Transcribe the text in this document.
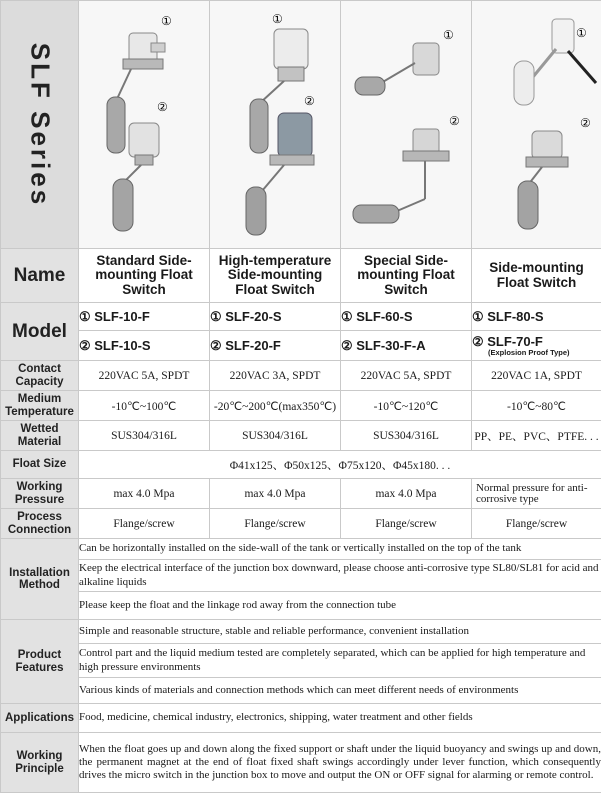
SLF Series	①
②	①
②	①
②	①
②

Name	Standard Side-mounting Float Switch	High-temperature Side-mounting Float Switch	Special Side-mounting Float Switch	Side-mounting Float Switch
Model	① SLF-10-F	① SLF-20-S	① SLF-60-S	① SLF-80-S
	② SLF-10-S	② SLF-20-F	② SLF-30-F-A	② SLF-70-F
(Explosion Proof Type)

Contact Capacity	220VAC 5A, SPDT	220VAC 3A, SPDT	220VAC 5A, SPDT	220VAC 1A, SPDT
Medium Temperature	-10℃~100℃	-20℃~200℃(max350℃)	-10℃~120℃	-10℃~80℃
Wetted Material	SUS304/316L	SUS304/316L	SUS304/316L	PP、PE、PVC、PTFE. . .
Float Size	Φ41x125、Φ50x125、Φ75x120、Φ45x180. . .			
Working Pressure	max 4.0 Mpa	max 4.0 Mpa	max 4.0 Mpa	Normal pressure for anti-corrosive type
Process Connection	Flange/screw	Flange/screw	Flange/screw	Flange/screw
Installation Method	Can be horizontally installed on the side-wall of the tank or vertically installed on the top of the tank			
	Keep the electrical interface of the junction box downward, please choose anti-corrosive type SL80/SL81 for acid and alkaline liquids			
	Please keep the float and the linkage rod away from the connection tube			
Product Features	Simple and reasonable structure, stable and reliable performance, convenient installation			
	Control part and the liquid medium tested are completely separated, which can be applied for high temperature and high pressure environments			
	Various kinds of materials and connection methods which can meet different needs of environments			
Applications	Food, medicine, chemical industry, electronics, shipping, water treatment and other fields			
Working Principle	When the float goes up and down along the fixed support or shaft under the liquid buoyancy and swings up and down, the permanent magnet at the end of float fixed shaft swings accordingly under lever function, which consequently drives the micro switch in the junction box to move and output the ON or OFF signal for alarming or remote control.			
